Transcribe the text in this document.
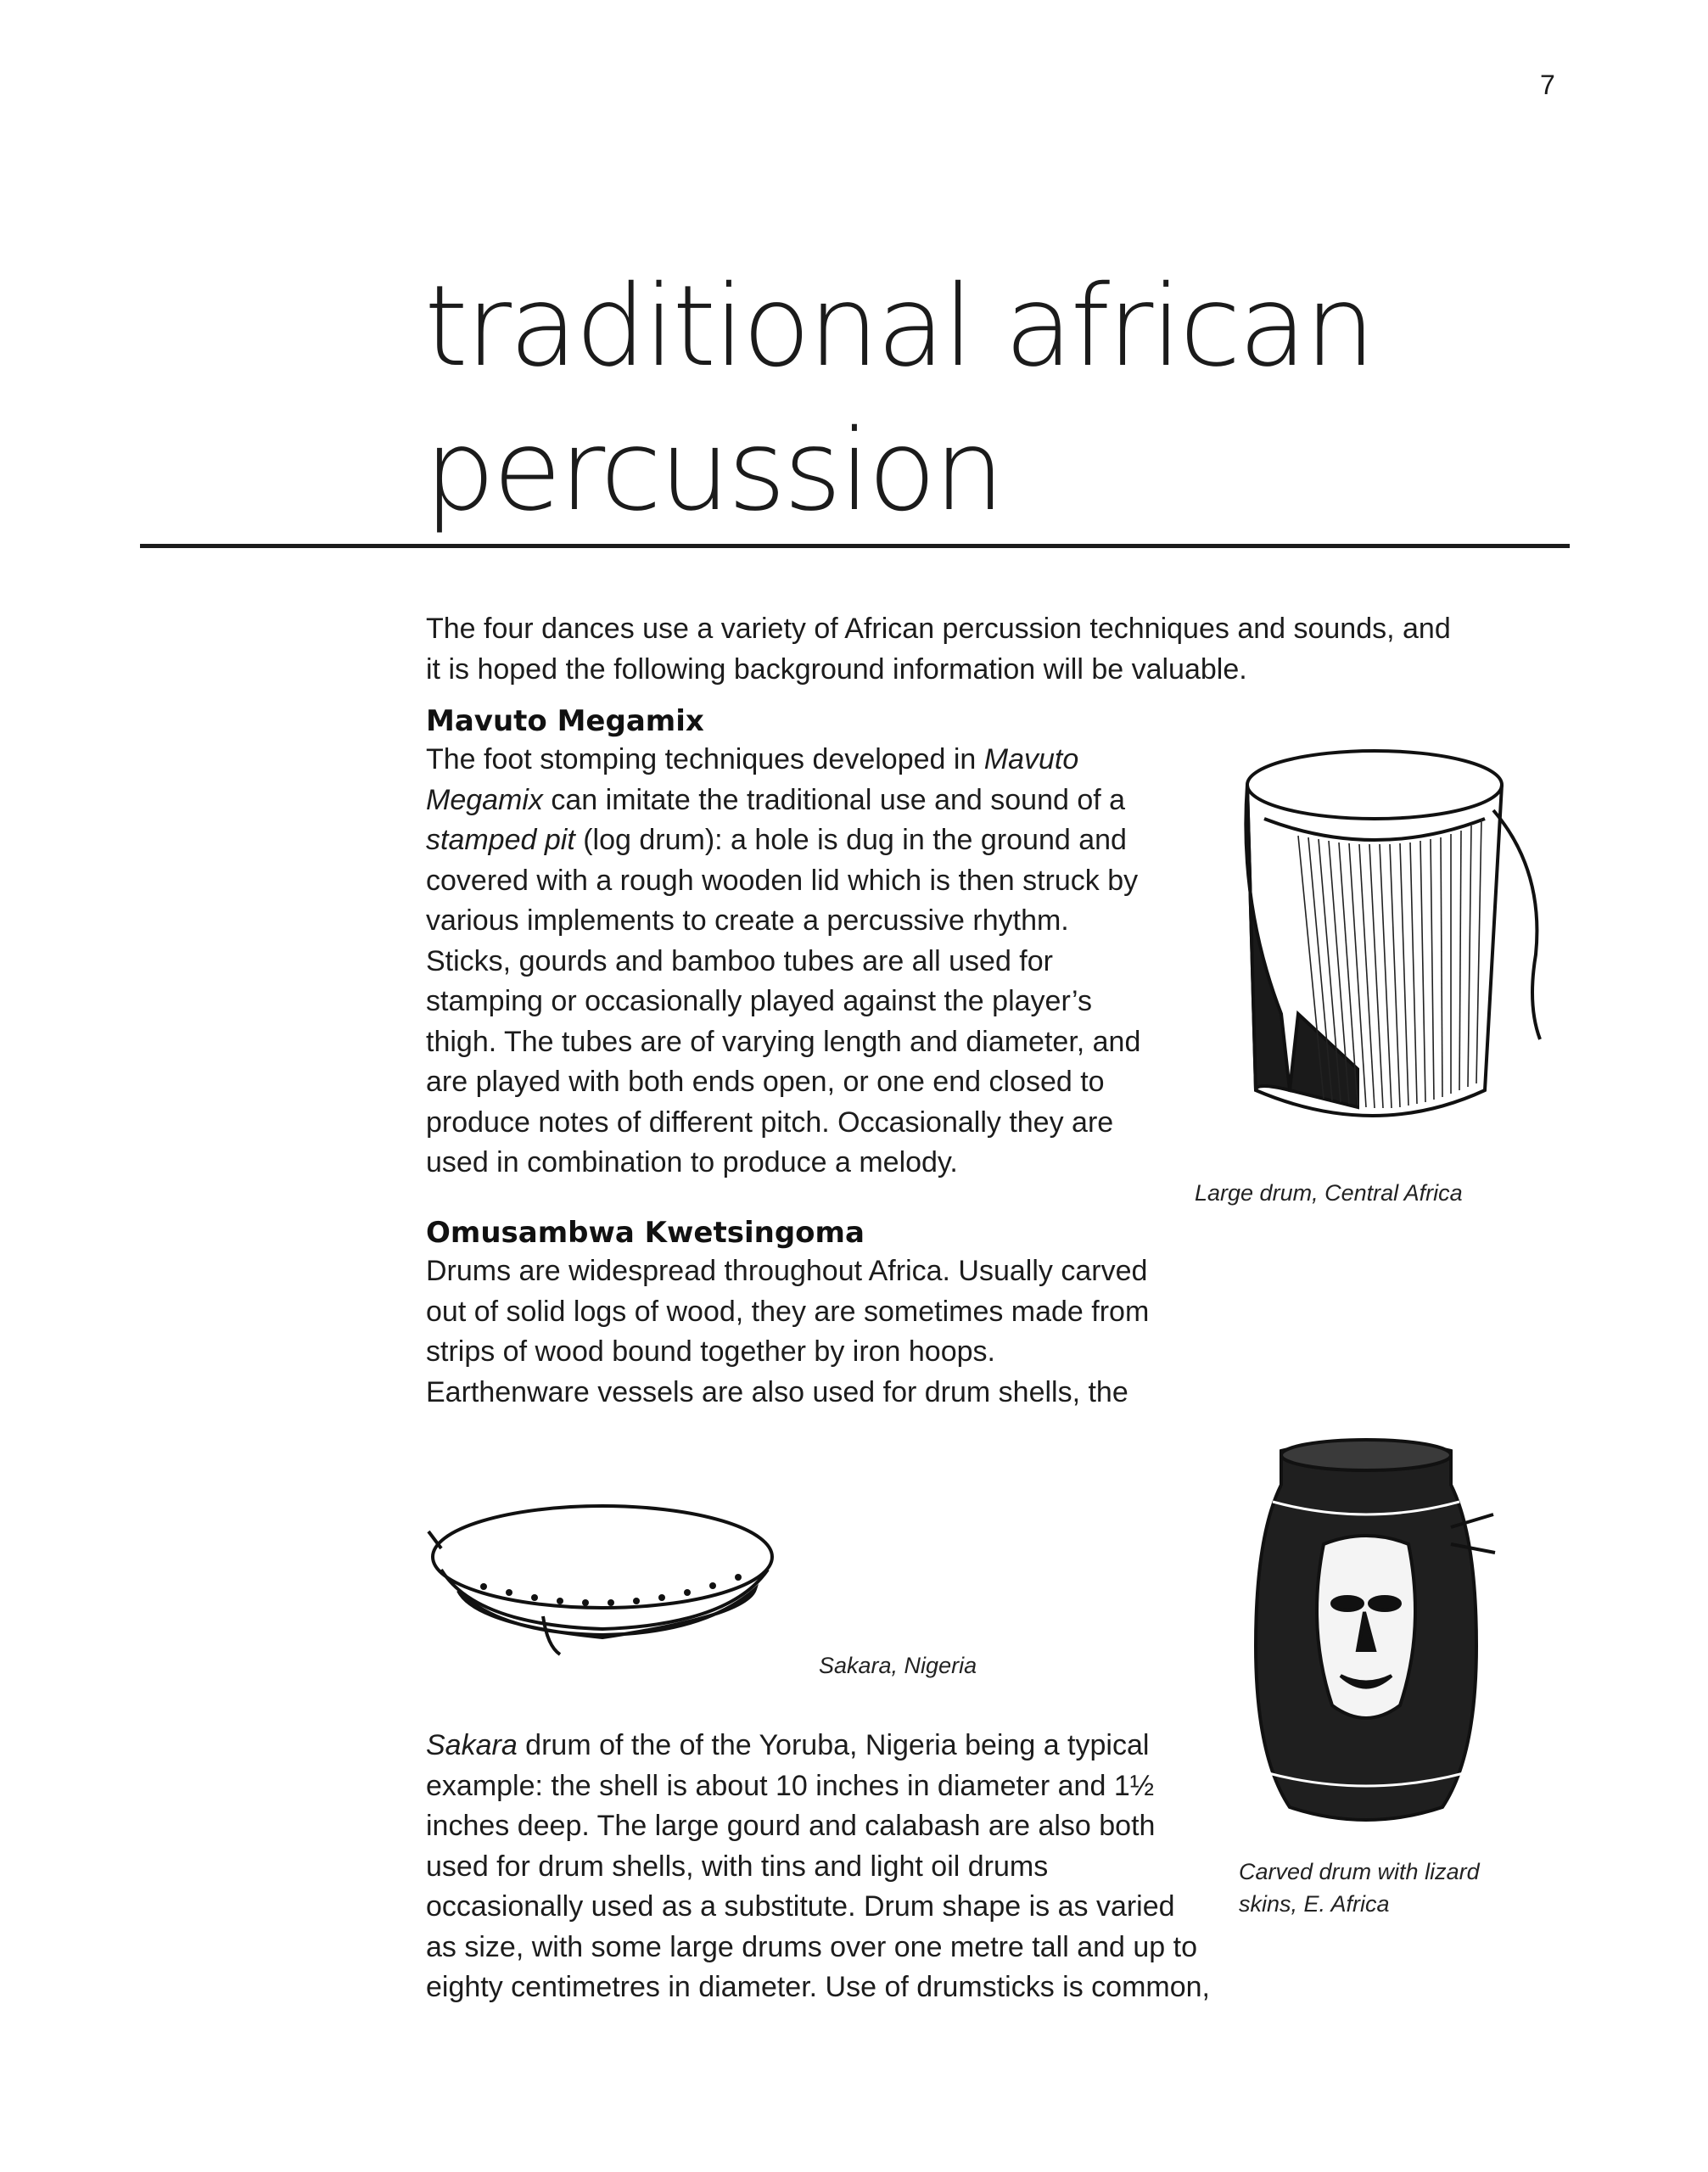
7
traditional african
percussion

The four dances use a variety of African percussion techniques and sounds, and
it is hoped the following background information will be valuable.

Mavuto Megamix

The foot stomping techniques developed in Mavuto
Megamix can imitate the traditional use and sound of a
stamped pit (log drum): a hole is dug in the ground and
covered with a rough wooden lid which is then struck by
various implements to create a percussive rhythm.
Sticks, gourds and bamboo tubes are all used for
stamping or occasionally played against the player’s
thigh. The tubes are of varying length and diameter, and
are played with both ends open, or one end closed to
produce notes of different pitch. Occasionally they are
used in combination to produce a melody.

Omusambwa Kwetsingoma

Drums are widespread throughout Africa. Usually carved
out of solid logs of wood, they are sometimes made from
strips of wood bound together by iron hoops.
Earthenware vessels are also used for drum shells, the

Sakara drum of the of the Yoruba, Nigeria being a typical
example: the shell is about 10 inches in diameter and 1½
inches deep. The large gourd and calabash are also both
used for drum shells, with tins and light oil drums
occasionally used as a substitute. Drum shape is as varied
as size, with some large drums over one metre tall and up to
eighty centimetres in diameter. Use of drumsticks is common,

Large drum, Central Africa
Sakara, Nigeria
Carved drum with lizard
skins, E. Africa
